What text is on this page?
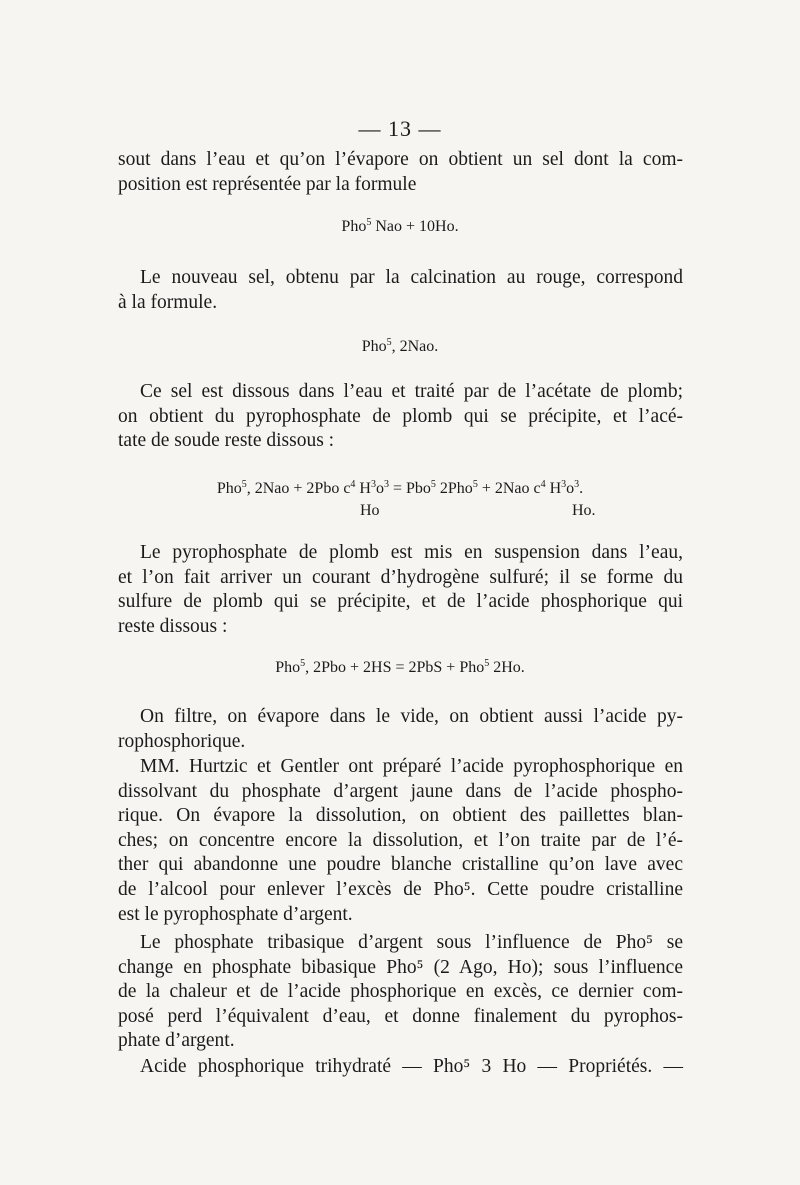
— 13 —
sout dans l’eau et qu’on l’évapore on obtient un sel dont la com-
position est représentée par la formule
Pho$^5$ Nao + 10Ho.
Le nouveau sel, obtenu par la calcination au rouge, correspond
à la formule.
Pho$^5$, 2Nao.
Ce sel est dissous dans l’eau et traité par de l’acétate de plomb;
on obtient du pyrophosphate de plomb qui se précipite, et l’acé-
tate de soude reste dissous :
Pho$^5$, 2Nao + 2Pbo $c^4$ $H^3o^3 = Pbo^5$ 2Pho$^5$ + 2Nao $c^4$ $H^3o^3$.
Ho	Ho.
Le pyrophosphate de plomb est mis en suspension dans l’eau,
et l’on fait arriver un courant d’hydrogène sulfuré; il se forme du
sulfure de plomb qui se précipite, et de l’acide phosphorique qui
reste dissous :
Pho$^5$, 2Pbo + 2HS = 2PbS + Pho$^5$ 2Ho.
On filtre, on évapore dans le vide, on obtient aussi l’acide py-
rophosphorique.
MM. Hurtzic et Gentler ont préparé l’acide pyrophosphorique en
dissolvant du phosphate d’argent jaune dans de l’acide phospho-
rique. On évapore la dissolution, on obtient des paillettes blan-
ches; on concentre encore la dissolution, et l’on traite par de l’é-
ther qui abandonne une poudre blanche cristalline qu’on lave avec
de l’alcool pour enlever l’excès de Pho⁵. Cette poudre cristalline
est le pyrophosphate d’argent.
Le phosphate tribasique d’argent sous l’influence de Pho⁵ se
change en phosphate bibasique Pho⁵ (2 Ago, Ho); sous l’influence
de la chaleur et de l’acide phosphorique en excès, ce dernier com-
posé perd l’équivalent d’eau, et donne finalement du pyrophos-
phate d’argent.
Acide phosphorique trihydraté — Pho⁵ 3 Ho — Propriétés. —
